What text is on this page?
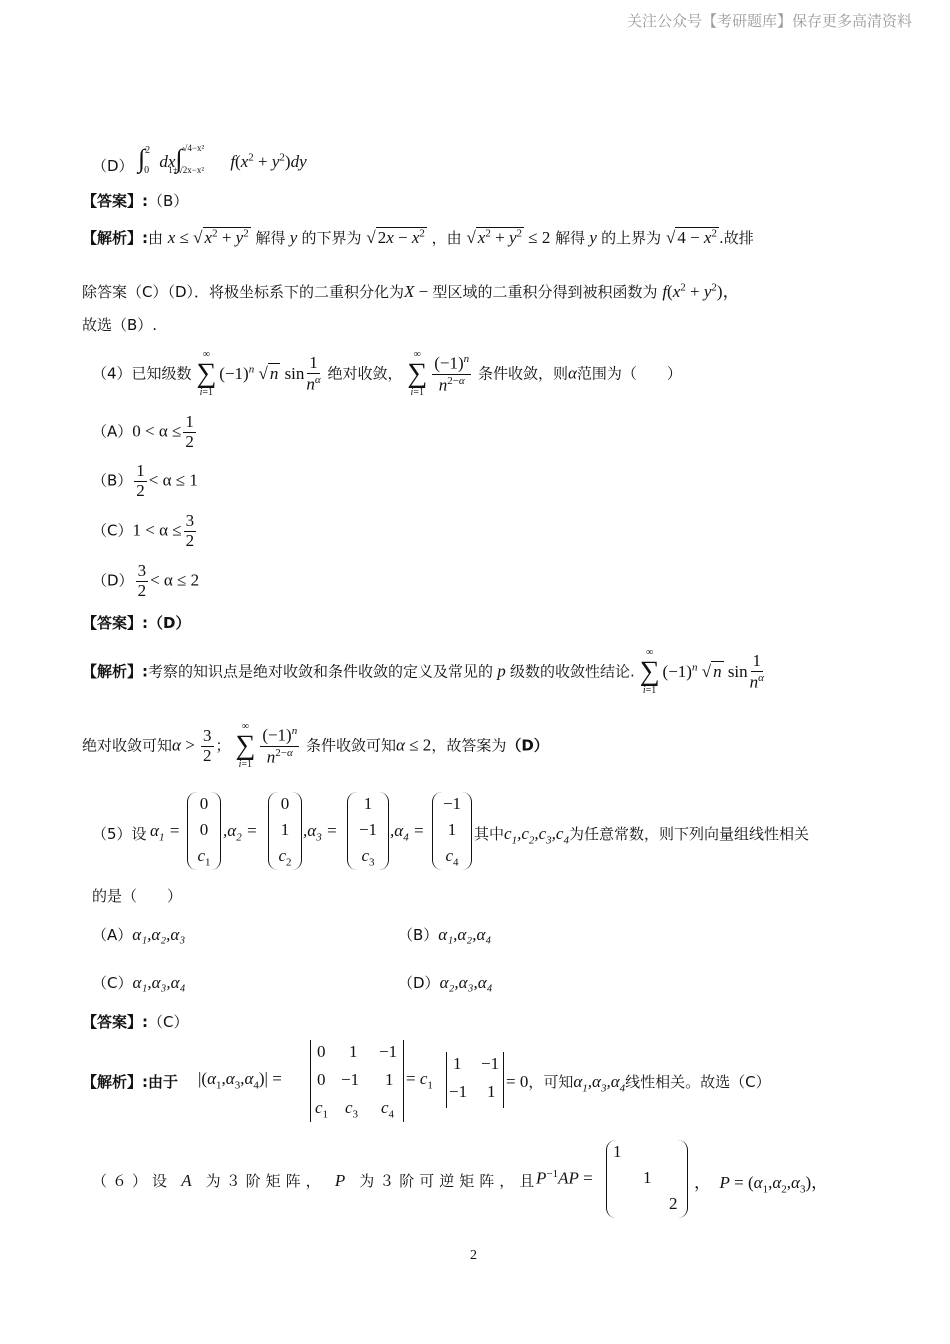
关注公众号【考研题库】保存更多高清资料
（D） ∫$^2_0$ dx∫$^{√4-x^2}_{1+√2x-x^2}$ $f(x^2 + y^2)dy$
【答案】:（B）
【解析】:由 x ≤ √ $x^2 + y^2$ 解得 y 的下界为 √ $2x - x^2$ ，由 √ $x^2 + y^2 \le 2$ 解得 y 的上界为 √ $4 - x^2$ .故排
除答案（C）（D）．将极坐标系下的二重积分化为X − 型区域的二重积分得到被积函数为 $f(x^2 + y^2)$，
故选（B）.
（4）已知级数
∞
∑
i=1
$(-1)^n$ √ n $\sin \frac{1}{n^\alpha}$ 绝对收敛，
∞
∑
$i=1 \frac{(-1)^n}{n^{2-\alpha}}$ 条件收敛，则α范围为（　　）
$(A)0 < \alpha \le \frac{1}{2}$
$(B) \frac{1}{2} < \alpha \le 1$
$(C)1 < \alpha \le \frac{3}{2}$
$(D) \frac{3}{2} < \alpha \le 2$
【答案】:（D）
【解析】:考察的知识点是绝对收敛和条件收敛的定义及常见的 p 级数的收敛性结论.
∞
∑
i=1
$(-1)^n$ √ n $\sin \frac{1}{n^\alpha}$
绝对收敛可知$\alpha > \frac{3}{2}$ ；
∞
∑
$i=1 \frac{(-1)^n}{n^{2-\alpha}}$ 条件收敛可知α ≤ 2，故答案为（D）
（5）设 $\alpha_1$ =
0
0
$c_1$
$,\alpha_2$ =
0
1
$c_2$
$,\alpha_3$ =
1
−1
$c_3$
$,\alpha_4$ =
−1
1
$c_4$
其中$c_1,c_2,c_3,c_4$为任意常数，则下列向量组线性相关
的是（　　）
（A）α₁,α₂,α₃	（B）α₁,α₂,α₄
（C）α₁,α₃,α₄	（D）α₂,α₃,α₄
【答案】:（C）
【解析】:由于 $|(\alpha_1,\alpha_3,\alpha_4)|$ =
0 1 −1
0 −1 1
$c_1$ $c_3$ $c_4$
= $c_1$
1 −1
−1 1
= 0，可知$\alpha_1,\alpha_3,\alpha_4$线性相关。故选（C）
（６）设 A 为３阶矩阵， P 为３阶可逆矩阵，且
$P^{-1}AP$ =
1
1
2
， $P = (\alpha_1,\alpha_2,\alpha_3)$，
2
